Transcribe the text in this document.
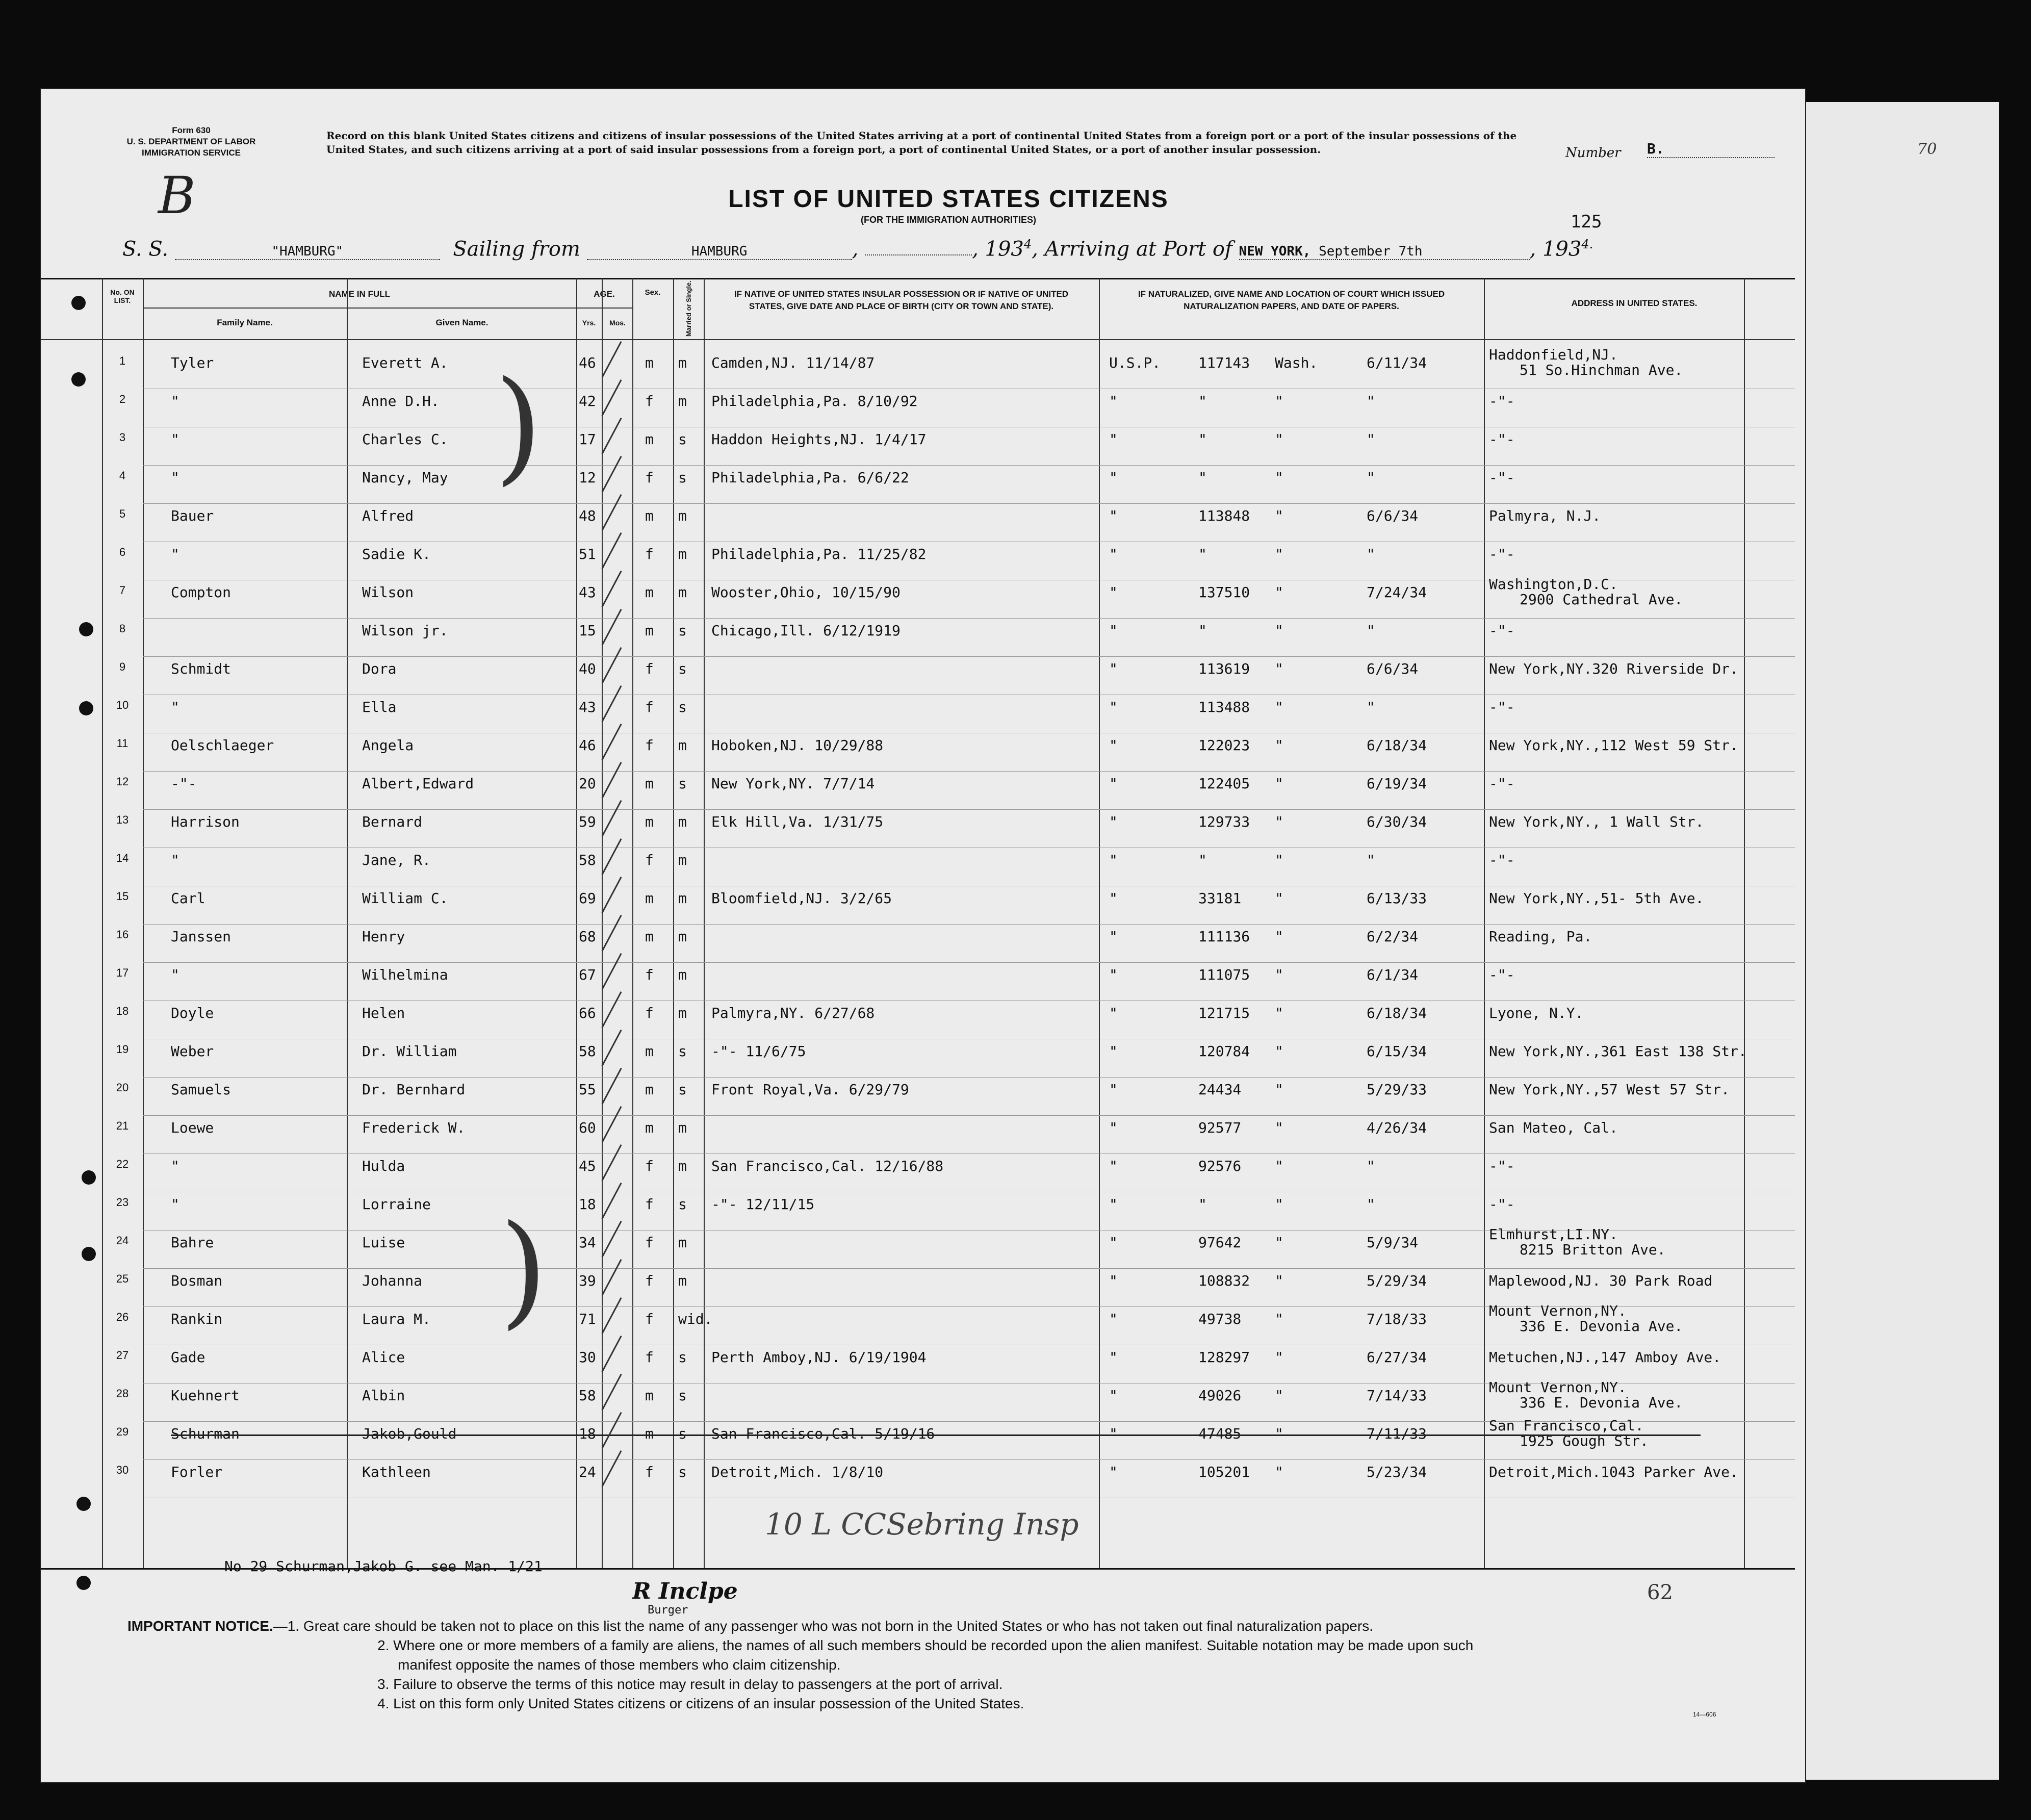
Form 630
U. S. DEPARTMENT OF LABOR
IMMIGRATION SERVICE
B
Record on this blank United States citizens and citizens of insular possessions of the United States arriving at a port of continental United States from a foreign port or a port of the insular possessions of the United States, and such citizens arriving at a port of said insular possessions from a foreign port, a port of continental United States, or a port of another insular possession.	Number B.	70
LIST OF UNITED STATES CITIZENS
(FOR THE IMMIGRATION AUTHORITIES)	125
S. S.	"HAMBURG"	Sailing from	HAMBURG	,	, $193^4$, Arriving at Port of NEW YORK, September 7th	, $193^{4.}$
No. ON LIST.
NAME IN FULL
Family Name.	Given Name.
AGE.
Yrs.	Mos.
Sex.	Married or Single.	IF NATIVE OF UNITED STATES INSULAR POSSESSION OR IF NATIVE OF UNITED STATES, GIVE DATE AND PLACE OF BIRTH (CITY OR TOWN AND STATE).
IF NATURALIZED, GIVE NAME AND LOCATION OF COURT WHICH ISSUED NATURALIZATION PAPERS, AND DATE OF PAPERS.	ADDRESS IN UNITED STATES.
1	Tyler	Everett A.	46	m m Camden,NJ. 11/14/87	U.S.P.	117143 Wash.	6/11/34	Haddonfield,NJ.
51 So.Hinchman Ave.
2	"	Anne D.H.	42	f m Philadelphia,Pa. 8/10/92	"	"	"	"	-"-
3	"	Charles C.	17	m s Haddon Heights,NJ. 1/4/17	"	"	"	"	-"-
4	"	Nancy, May	12	f s Philadelphia,Pa. 6/6/22	"	"	"	"	-"-
5	Bauer	Alfred	48	m m	"	113848 "	6/6/34	Palmyra, N.J.
6	"	Sadie K.	51	f m Philadelphia,Pa. 11/25/82	"	"	"	"	-"-
7	Compton	Wilson	43	m m Wooster,Ohio, 10/15/90	"	137510 "	7/24/34	Washington,D.C.
2900 Cathedral Ave.
8	Wilson jr.	15	m s Chicago,Ill. 6/12/1919	"	"	"	"	-"-
9	Schmidt	Dora	40	f s	"	113619 "	6/6/34	New York,NY.320 Riverside Dr.
10	"	Ella	43	f s	"	113488 "	"	-"-
11	Oelschlaeger	Angela	46	f m Hoboken,NJ. 10/29/88	"	122023 "	6/18/34	New York,NY.,112 West 59 Str.
12	-"-	Albert,Edward	20	m s New York,NY. 7/7/14	"	122405 "	6/19/34	-"-
13	Harrison	Bernard	59	m m Elk Hill,Va. 1/31/75	"	129733 "	6/30/34	New York,NY., 1 Wall Str.
14	"	Jane, R.	58	f m	"	"	"	"	-"-
15	Carl	William C.	69	m m Bloomfield,NJ. 3/2/65	"	33181 "	6/13/33	New York,NY.,51- 5th Ave.
16	Janssen	Henry	68	m m	"	111136 "	6/2/34	Reading, Pa.
17	"	Wilhelmina	67	f m	"	111075 "	6/1/34	-"-
18	Doyle	Helen	66	f m Palmyra,NY. 6/27/68	"	121715 "	6/18/34	Lyone, N.Y.
19	Weber	Dr. William	58	m s -"- 11/6/75	"	120784 "	6/15/34	New York,NY.,361 East 138 Str.
20	Samuels	Dr. Bernhard	55	m s Front Royal,Va. 6/29/79	"	24434 "	5/29/33	New York,NY.,57 West 57 Str.
21	Loewe	Frederick W.	60	m m	"	92577 "	4/26/34	San Mateo, Cal.
22	"	Hulda	45	f m San Francisco,Cal. 12/16/88	"	92576 "	"	-"-
23	"	Lorraine	18	f s -"- 12/11/15	"	"	"	"	-"-
24	Bahre	Luise	34	f m	"	97642 "	5/9/34	Elmhurst,LI.NY.
8215 Britton Ave.
25	Bosman	Johanna	39	f m	"	108832 "	5/29/34	Maplewood,NJ. 30 Park Road
26	Rankin	Laura M.	71	f wid.	"	49738 "	7/18/33	Mount Vernon,NY.
336 E. Devonia Ave.
27	Gade	Alice	30	f s Perth Amboy,NJ. 6/19/1904	"	128297 "	6/27/34	Metuchen,NJ.,147 Amboy Ave.
28	Kuehnert	Albin	58	m s	"	49026 "	7/14/33	Mount Vernon,NY.
336 E. Devonia Ave.
29	Schurman	Jakob,Gould	18	m s San Francisco,Cal. 5/19/16	"	47485 "	7/11/33	San Francisco,Cal.
1925 Gough Str.
30	Forler	Kathleen	24	f s Detroit,Mich. 1/8/10	"	105201 "	5/23/34	Detroit,Mich.1043 Parker Ave.
)
)
10 L CCSebring Insp
No 29 Schurman,Jakob G. see Man. 1/21
R Inclpe
Burger
62
IMPORTANT NOTICE.—1. Great care should be taken not to place on this list the name of any passenger who was not born in the United States or who has not taken out final naturalization papers.
2. Where one or more members of a family are aliens, the names of all such members should be recorded upon the alien manifest. Suitable notation may be made upon such
manifest opposite the names of those members who claim citizenship.
3. Failure to observe the terms of this notice may result in delay to passengers at the port of arrival.
4. List on this form only United States citizens or citizens of an insular possession of the United States.
14—606
